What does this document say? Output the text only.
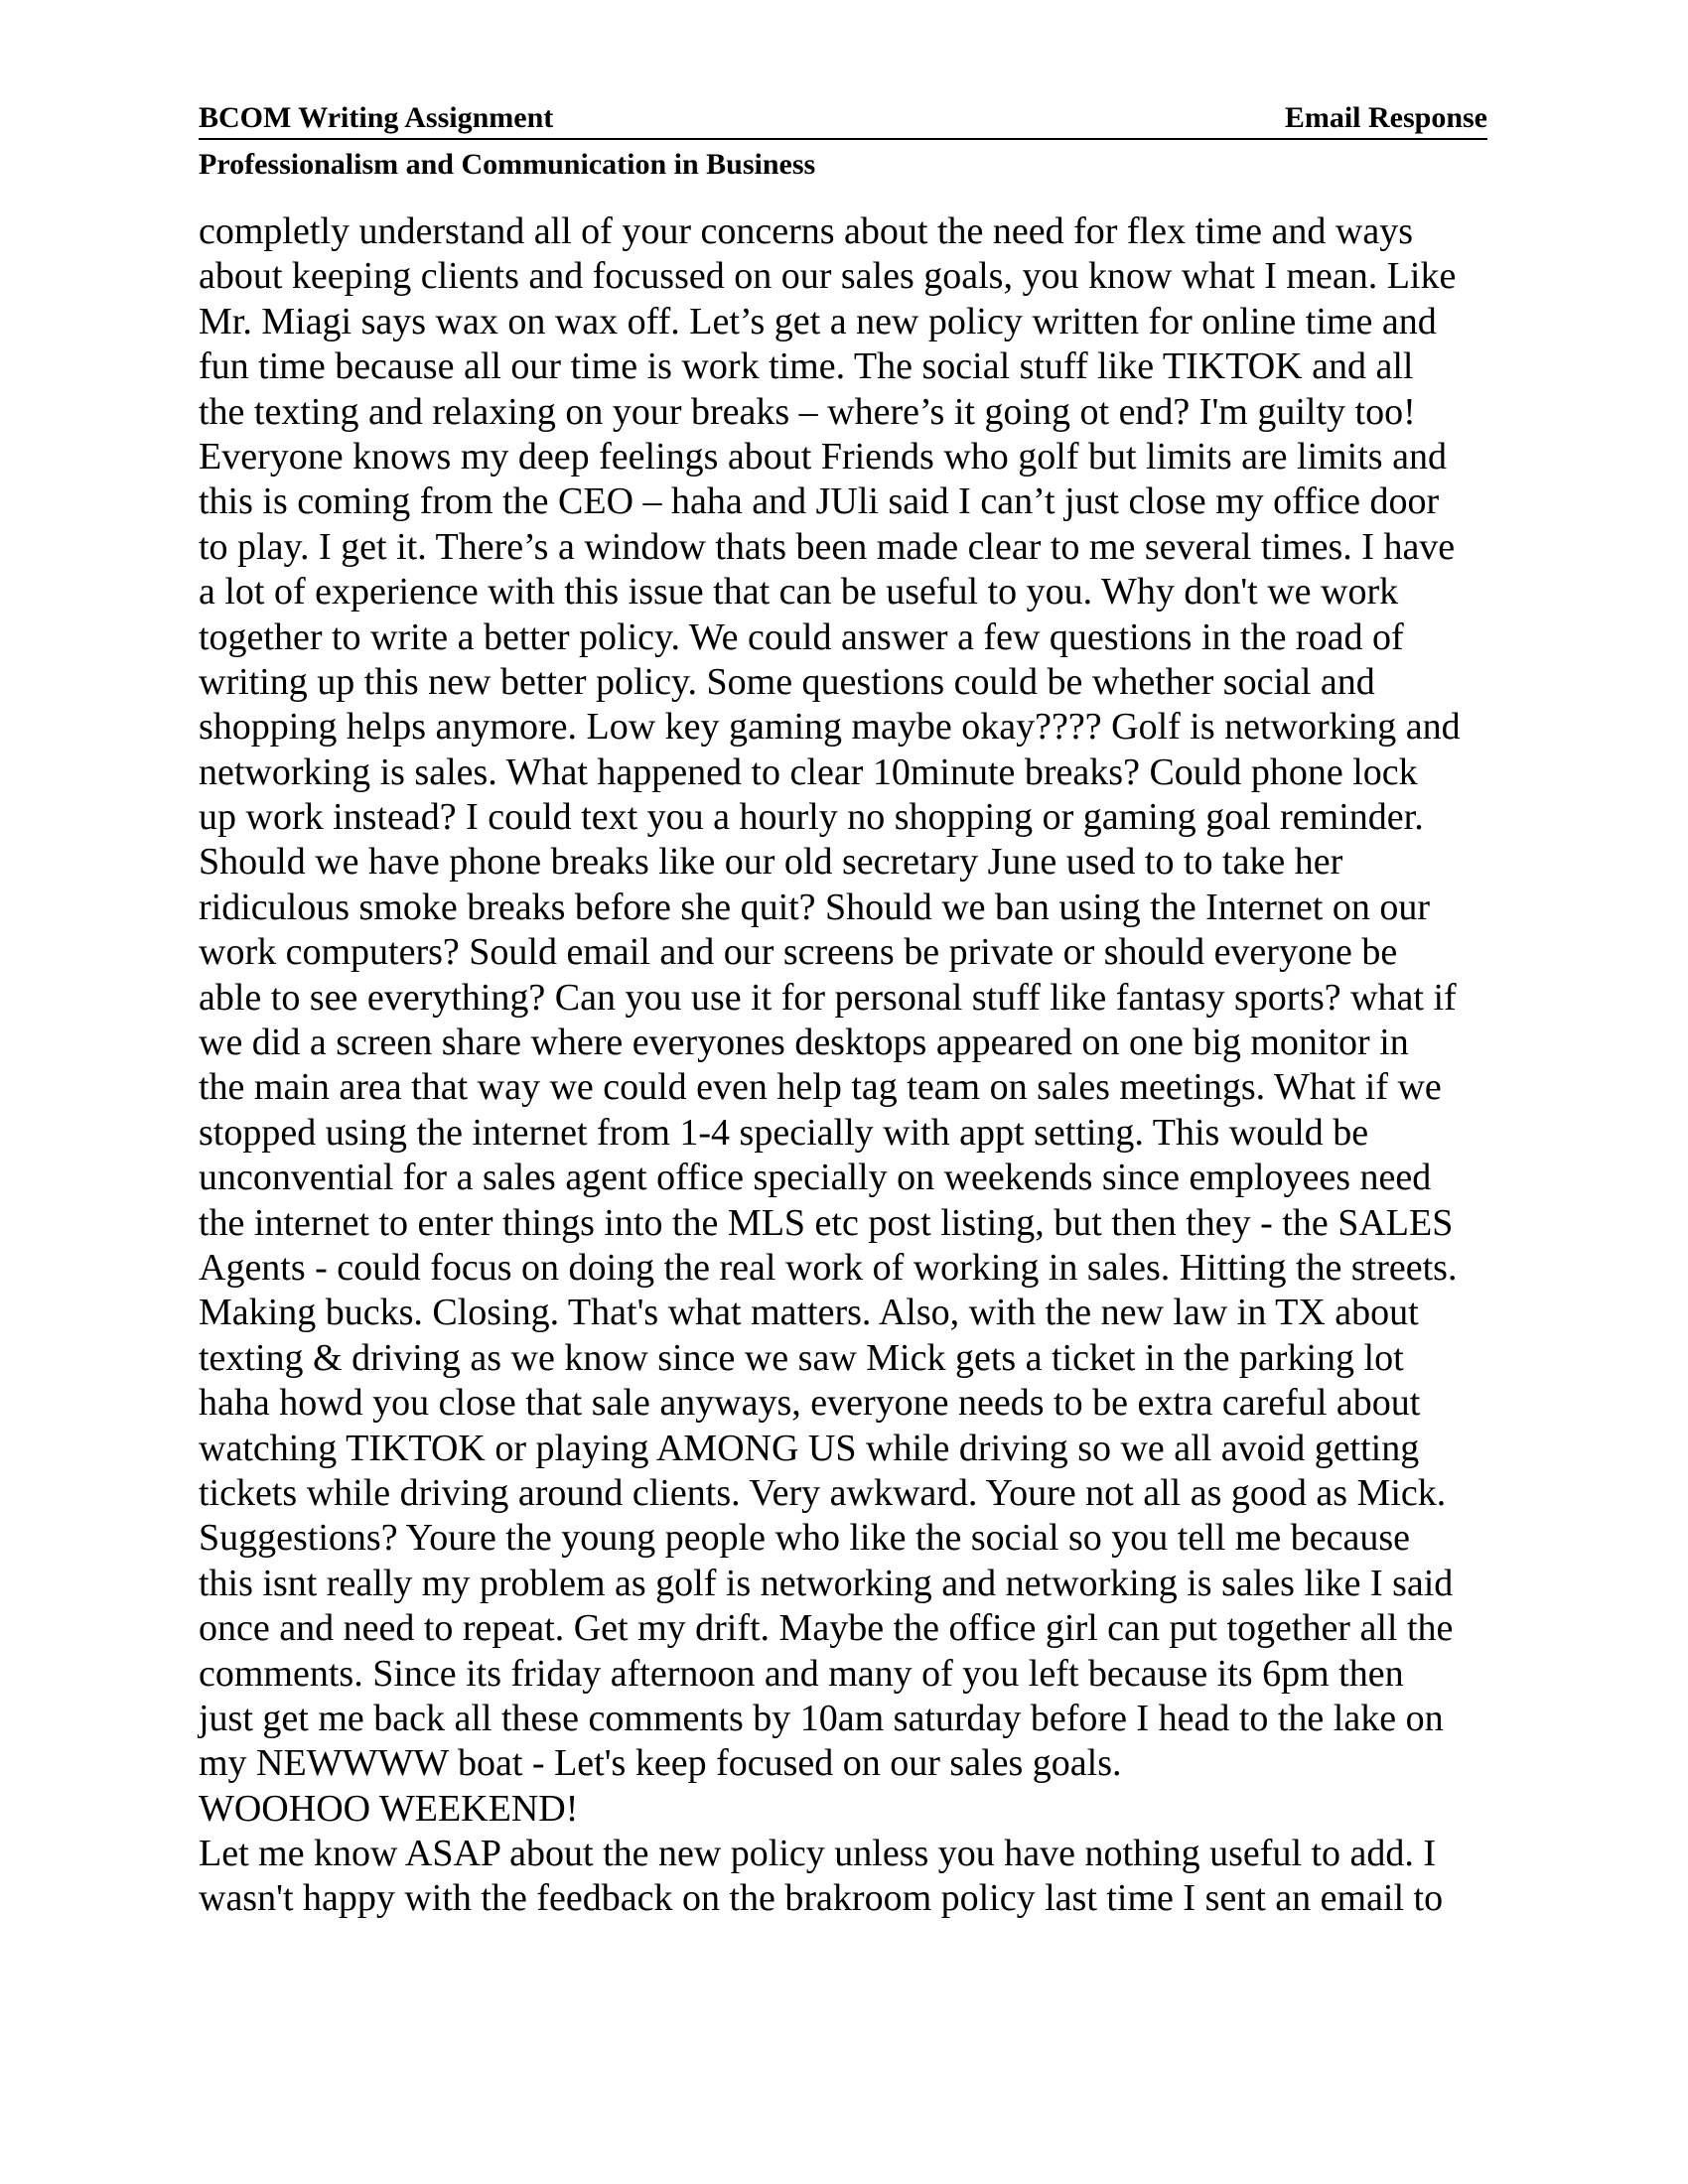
BCOM Writing Assignment	Email Response
Professionalism and Communication in Business
completly understand all of your concerns about the need for flex time and ways
about keeping clients and focussed on our sales goals, you know what I mean. Like
Mr. Miagi says wax on wax off. Let’s get a new policy written for online time and
fun time because all our time is work time. The social stuff like TIKTOK and all
the texting and relaxing on your breaks – where’s it going ot end? I'm guilty too!
Everyone knows my deep feelings about Friends who golf but limits are limits and
this is coming from the CEO – haha and JUli said I can’t just close my office door
to play. I get it. There’s a window thats been made clear to me several times. I have
a lot of experience with this issue that can be useful to you. Why don't we work
together to write a better policy. We could answer a few questions in the road of
writing up this new better policy. Some questions could be whether social and
shopping helps anymore. Low key gaming maybe okay???? Golf is networking and
networking is sales. What happened to clear 10minute breaks? Could phone lock
up work instead? I could text you a hourly no shopping or gaming goal reminder.
Should we have phone breaks like our old secretary June used to to take her
ridiculous smoke breaks before she quit? Should we ban using the Internet on our
work computers? Sould email and our screens be private or should everyone be
able to see everything? Can you use it for personal stuff like fantasy sports? what if
we did a screen share where everyones desktops appeared on one big monitor in
the main area that way we could even help tag team on sales meetings. What if we
stopped using the internet from 1-4 specially with appt setting. This would be
unconvential for a sales agent office specially on weekends since employees need
the internet to enter things into the MLS etc post listing, but then they - the SALES
Agents - could focus on doing the real work of working in sales. Hitting the streets.
Making bucks. Closing. That's what matters. Also, with the new law in TX about
texting & driving as we know since we saw Mick gets a ticket in the parking lot
haha howd you close that sale anyways, everyone needs to be extra careful about
watching TIKTOK or playing AMONG US while driving so we all avoid getting
tickets while driving around clients. Very awkward. Youre not all as good as Mick.
Suggestions? Youre the young people who like the social so you tell me because
this isnt really my problem as golf is networking and networking is sales like I said
once and need to repeat. Get my drift. Maybe the office girl can put together all the
comments. Since its friday afternoon and many of you left because its 6pm then
just get me back all these comments by 10am saturday before I head to the lake on
my NEWWWW boat - Let's keep focused on our sales goals.
WOOHOO WEEKEND!
Let me know ASAP about the new policy unless you have nothing useful to add. I
wasn't happy with the feedback on the brakroom policy last time I sent an email to
